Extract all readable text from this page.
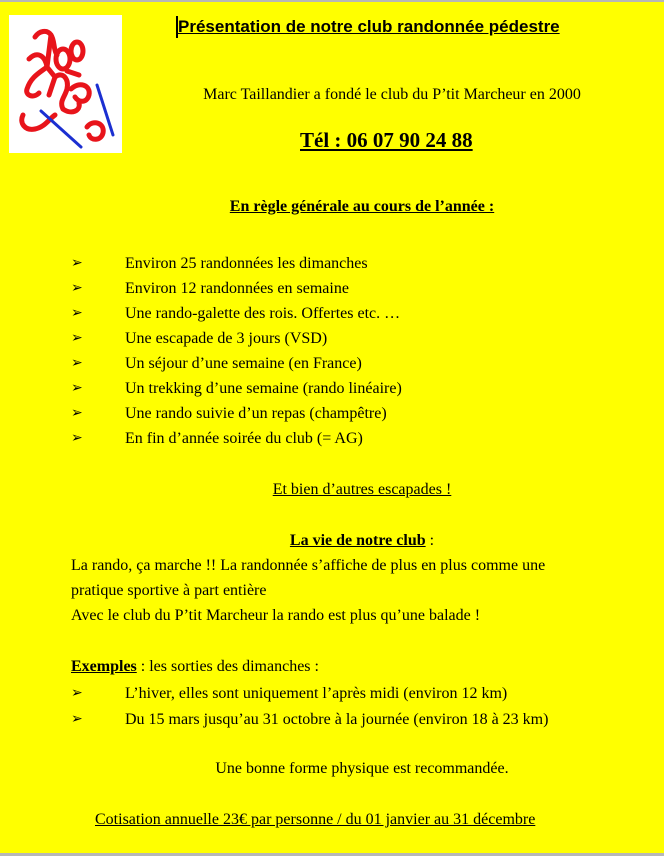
Présentation de notre club randonnée pédestre
Marc Taillandier a fondé le club du P’tit Marcheur en 2000
Tél : 06 07 90 24 88
En règle générale au cours de l’année :
➢	Environ 25 randonnées les dimanches
➢	Environ 12 randonnées en semaine
➢	Une rando-galette des rois. Offertes etc. …
➢	Une escapade de 3 jours (VSD)
➢	Un séjour d’une semaine (en France)
➢	Un trekking d’une semaine (rando linéaire)
➢	Une rando suivie d’un repas (champêtre)
➢	En fin d’année soirée du club (= AG)
Et bien d’autres escapades !
La vie de notre club :
La rando, ça marche !! La randonnée s’affiche de plus en plus comme une
pratique sportive à part entière
Avec le club du P’tit Marcheur la rando est plus qu’une balade !
Exemples : les sorties des dimanches :
➢	L’hiver, elles sont uniquement l’après midi (environ 12 km)
➢	Du 15 mars jusqu’au 31 octobre à la journée (environ 18 à 23 km)
Une bonne forme physique est recommandée.
Cotisation annuelle 23€ par personne / du 01 janvier au 31 décembre
